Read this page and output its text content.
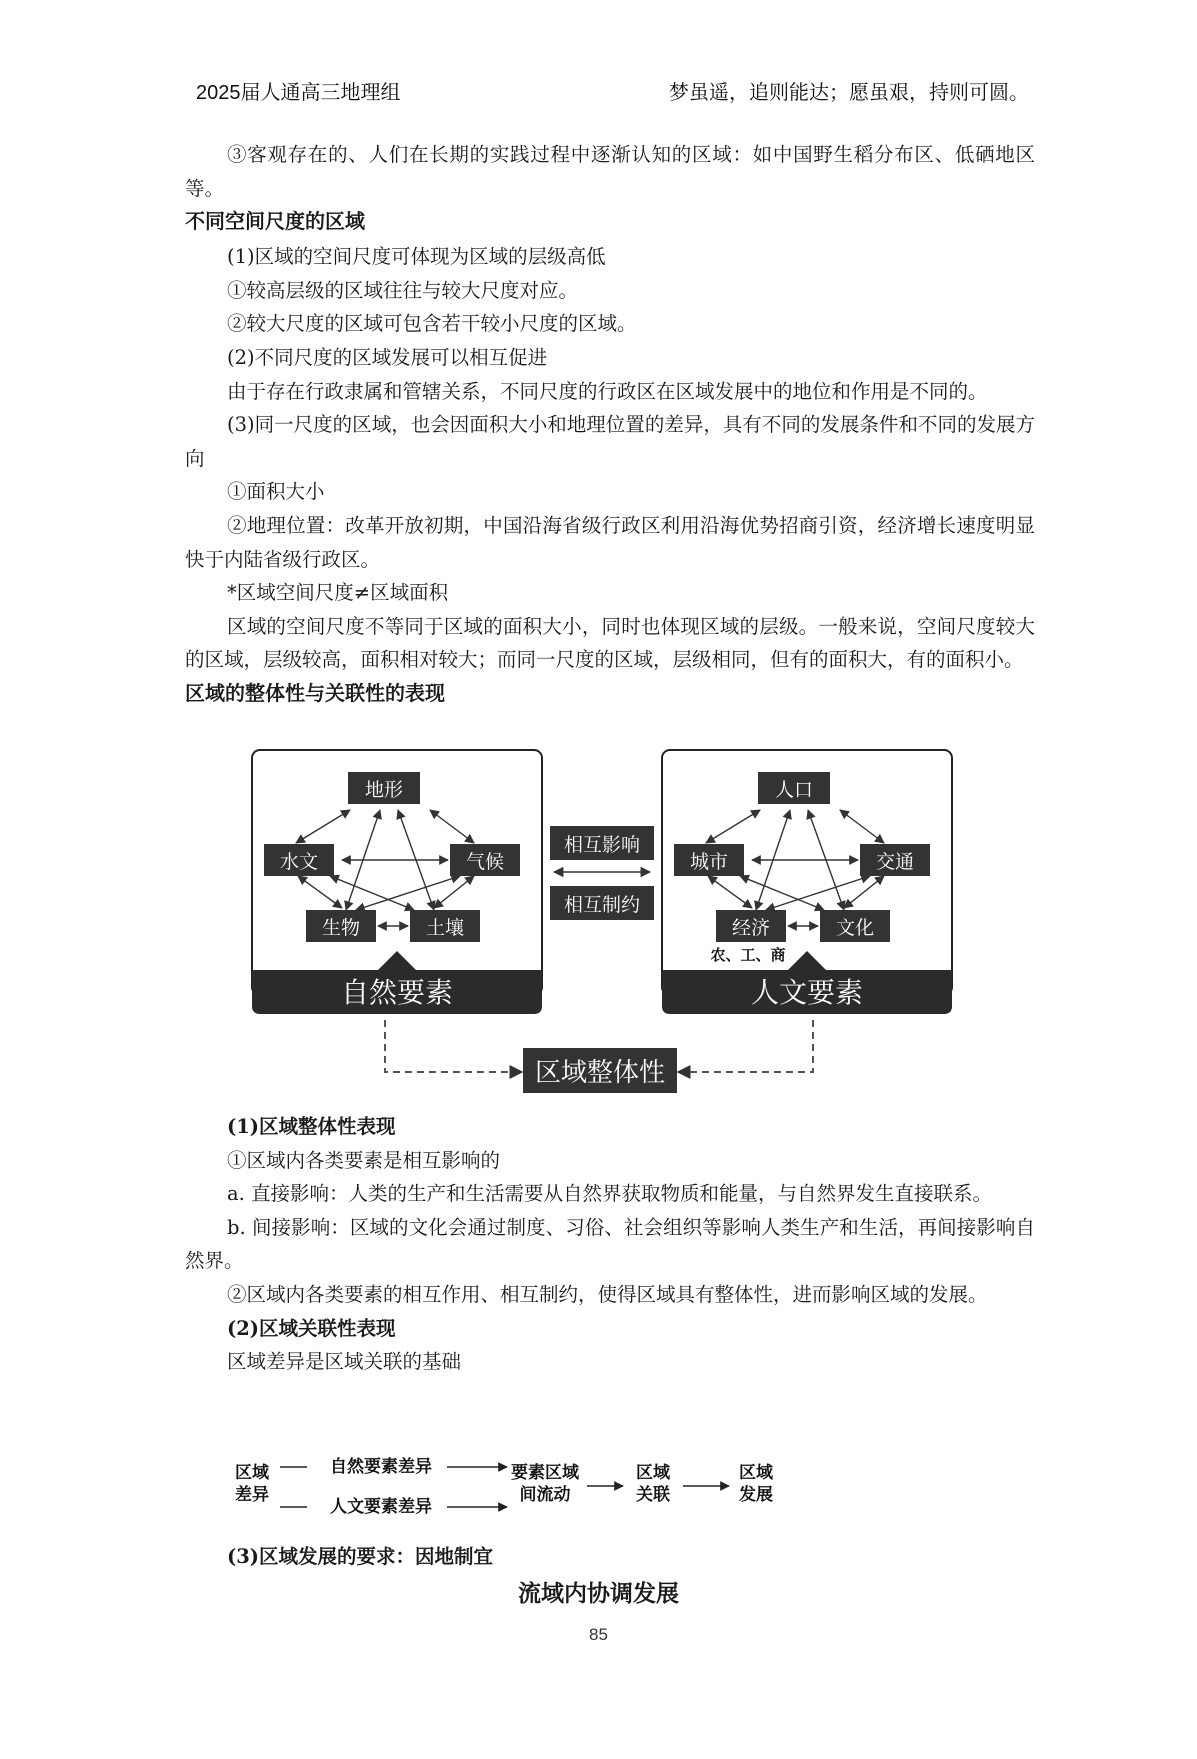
2025届人通高三地理组	梦虽遥，追则能达；愿虽艰，持则可圆。

③客观存在的、人们在长期的实践过程中逐渐认知的区域：如中国野生稻分布区、低硒地区等。

不同空间尺度的区域

(1)区域的空间尺度可体现为区域的层级高低

①较高层级的区域往往与较大尺度对应。

②较大尺度的区域可包含若干较小尺度的区域。

(2)不同尺度的区域发展可以相互促进

由于存在行政隶属和管辖关系，不同尺度的行政区在区域发展中的地位和作用是不同的。

(3)同一尺度的区域，也会因面积大小和地理位置的差异，具有不同的发展条件和不同的发展方向

①面积大小

②地理位置：改革开放初期，中国沿海省级行政区利用沿海优势招商引资，经济增长速度明显快于内陆省级行政区。

*区域空间尺度≠区域面积

区域的空间尺度不等同于区域的面积大小，同时也体现区域的层级。一般来说，空间尺度较大的区域，层级较高，面积相对较大；而同一尺度的区域，层级相同，但有的面积大，有的面积小。

区域的整体性与关联性的表现

自然要素
地形
水文	气候
生物	土壤
相互影响
相互制约
人文要素
人口
城市	交通
经济	文化
农、工、商
区域整体性

(1)区域整体性表现

①区域内各类要素是相互影响的

a. 直接影响：人类的生产和生活需要从自然界获取物质和能量，与自然界发生直接联系。

b. 间接影响：区域的文化会通过制度、习俗、社会组织等影响人类生产和生活，再间接影响自然界。

②区域内各类要素的相互作用、相互制约，使得区域具有整体性，进而影响区域的发展。

(2)区域关联性表现

区域差异是区域关联的基础

区域
差异
自然要素差异
人文要素差异
要素区域
间流动
区域
关联
区域
发展

(3)区域发展的要求：因地制宜

流域内协调发展
85
